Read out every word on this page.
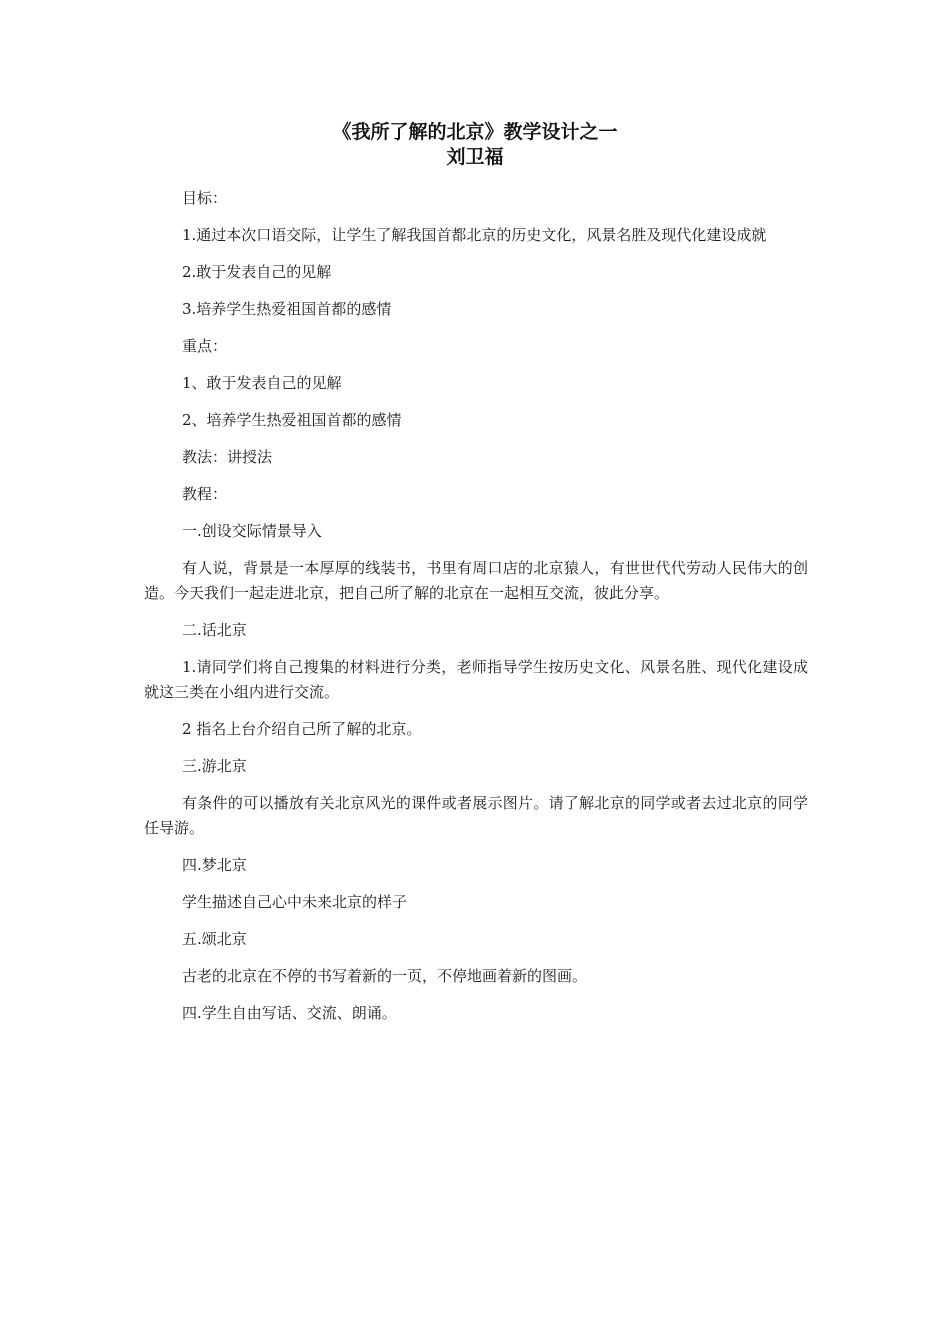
《我所了解的北京》教学设计之一
刘卫福

目标：

1.通过本次口语交际，让学生了解我国首都北京的历史文化，风景名胜及现代化建设成就

2.敢于发表自己的见解

3.培养学生热爱祖国首都的感情

重点：

1、敢于发表自己的见解

2、培养学生热爱祖国首都的感情

教法：讲授法

教程：

一.创设交际情景导入

有人说，背景是一本厚厚的线装书，书里有周口店的北京猿人，有世世代代劳动人民伟大的创造。今天我们一起走进北京，把自己所了解的北京在一起相互交流，彼此分享。

二.话北京

1.请同学们将自己搜集的材料进行分类，老师指导学生按历史文化、风景名胜、现代化建设成就这三类在小组内进行交流。

2 指名上台介绍自己所了解的北京。

三.游北京

有条件的可以播放有关北京风光的课件或者展示图片。请了解北京的同学或者去过北京的同学任导游。

四.梦北京

学生描述自己心中未来北京的样子

五.颂北京

古老的北京在不停的书写着新的一页，不停地画着新的图画。

四.学生自由写话、交流、朗诵。
